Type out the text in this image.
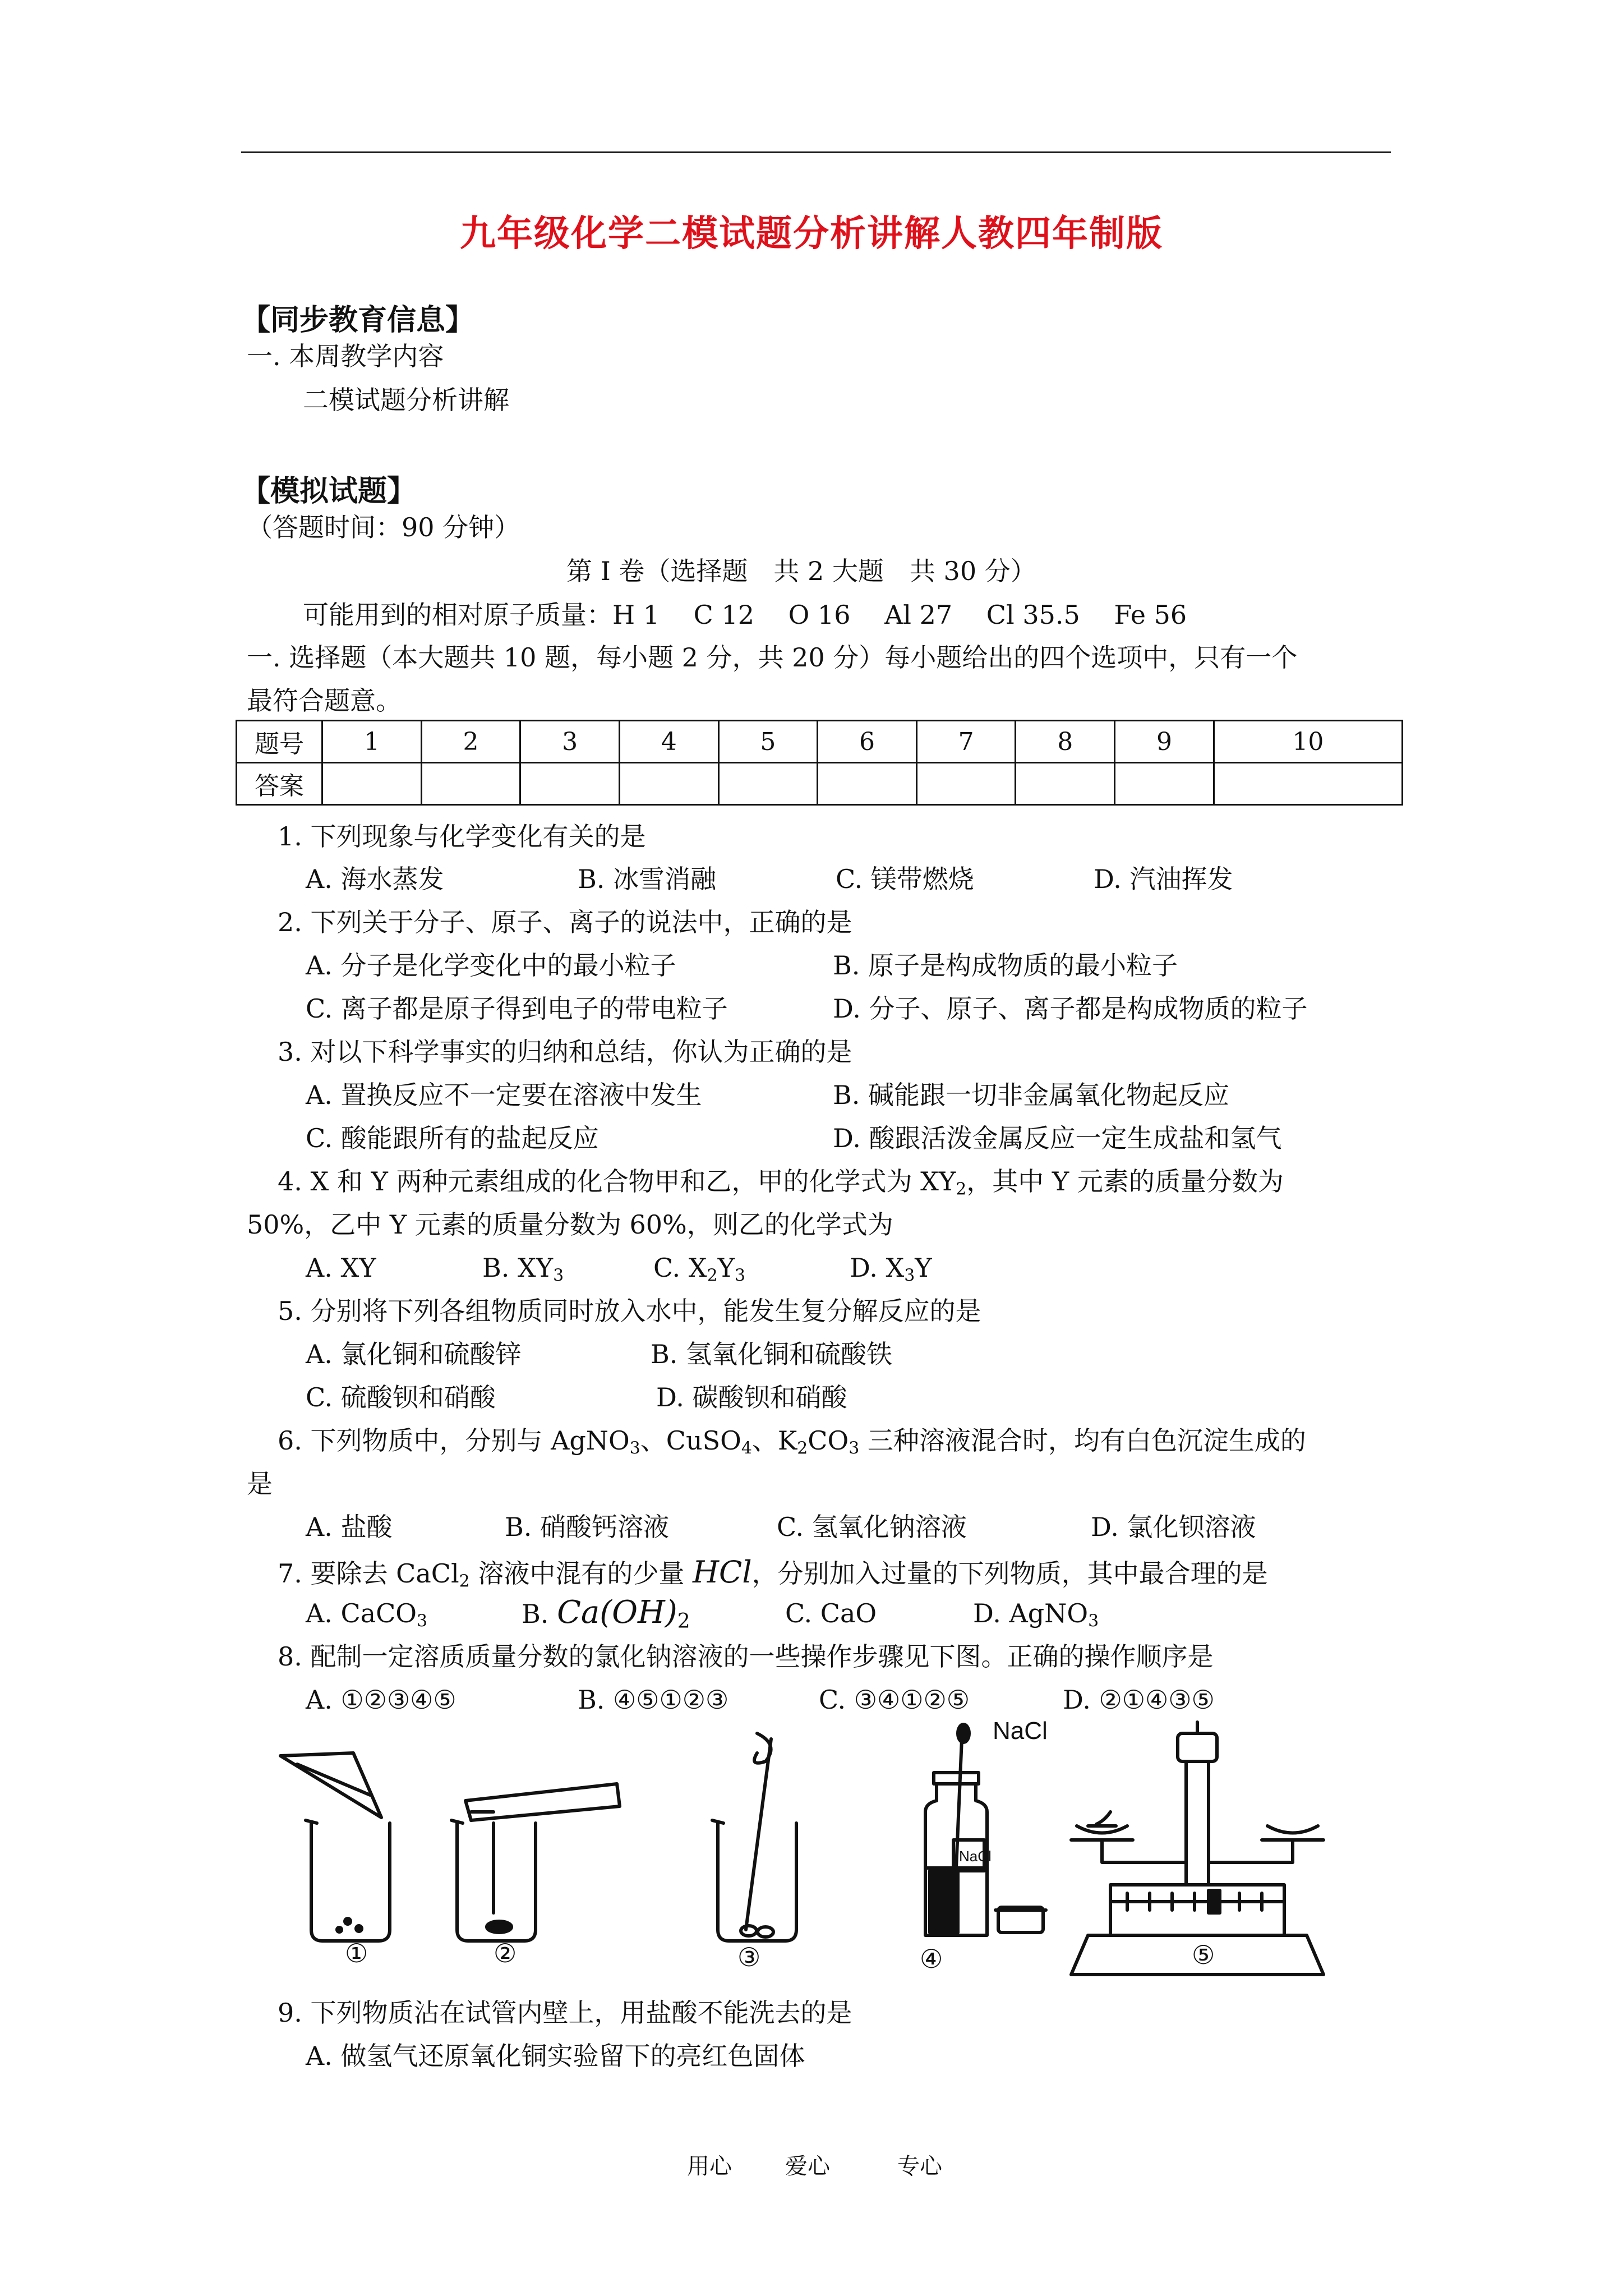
九年级化学二模试题分析讲解人教四年制版
【同步教育信息】
一. 本周教学内容
二模试题分析讲解
【模拟试题】
（答题时间：90 分钟）
第 I 卷（选择题　共 2 大题　共 30 分）
可能用到的相对原子质量：H 1　 C 12　 O 16　 Al 27　 Cl 35.5　 Fe 56
一. 选择题（本大题共 10 题，每小题 2 分，共 20 分）每小题给出的四个选项中，只有一个
最符合题意。
题号	1	2	3	4	5	6	7	8	9	10
答案										
1. 下列现象与化学变化有关的是
A. 海水蒸发	B. 冰雪消融	C. 镁带燃烧	D. 汽油挥发
2. 下列关于分子、原子、离子的说法中，正确的是
A. 分子是化学变化中的最小粒子	B. 原子是构成物质的最小粒子
C. 离子都是原子得到电子的带电粒子	D. 分子、原子、离子都是构成物质的粒子
3. 对以下科学事实的归纳和总结，你认为正确的是
A. 置换反应不一定要在溶液中发生	B. 碱能跟一切非金属氧化物起反应
C. 酸能跟所有的盐起反应	D. 酸跟活泼金属反应一定生成盐和氢气
4. X 和 Y 两种元素组成的化合物甲和乙，甲的化学式为 $XY_2$，其中 Y 元素的质量分数为
50%，乙中 Y 元素的质量分数为 60%，则乙的化学式为
A. XY	B. $XY_3$	C. $X_2Y_3$	D. $X_3Y$
5. 分别将下列各组物质同时放入水中，能发生复分解反应的是
A. 氯化铜和硫酸锌	B. 氢氧化铜和硫酸铁
C. 硫酸钡和硝酸	D. 碳酸钡和硝酸
6. 下列物质中，分别与 AgNO$_3$、CuSO$_4$、$K_2CO_3$ 三种溶液混合时，均有白色沉淀生成的
是
A. 盐酸	B. 硝酸钙溶液	C. 氢氧化钠溶液	D. 氯化钡溶液
7. 要除去 CaCl$_2$ 溶液中混有的少量 HCl，分别加入过量的下列物质，其中最合理的是
A. CaCO$_3$	B. $Ca(OH)_2$	C. CaO	D. AgNO$_3$
8. 配制一定溶质质量分数的氯化钠溶液的一些操作步骤见下图。正确的操作顺序是
A. ①②③④⑤	B. ④⑤①②③	C. ③④①②⑤	D. ②①④③⑤
NaCl
NaCl
①	②	③	④	⑤
9. 下列物质沾在试管内壁上，用盐酸不能洗去的是
A. 做氢气还原氧化铜实验留下的亮红色固体
用心 爱心	专心
